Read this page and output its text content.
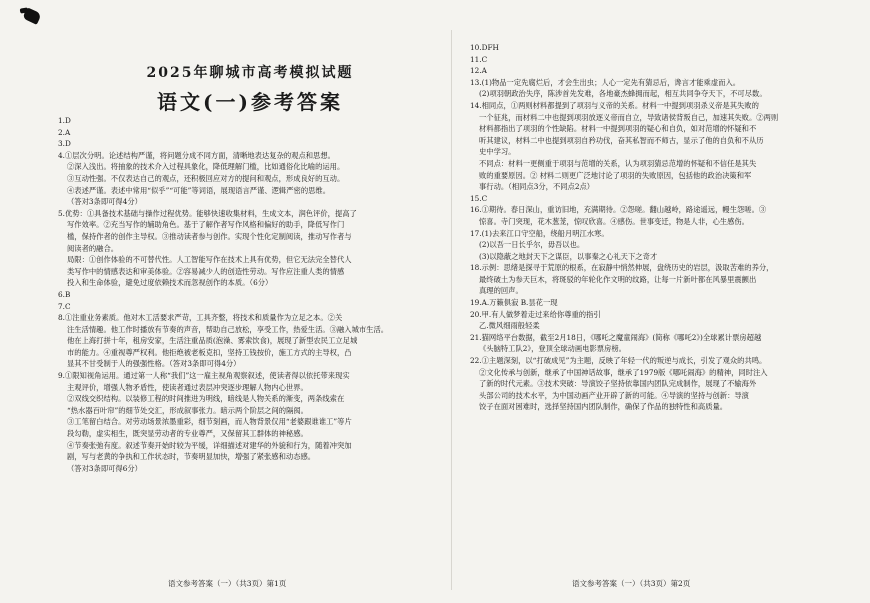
2025年聊城市高考模拟试题
语文(一)参考答案
1.D
2.A
3.D
4.①层次分明。论述结构严谨，将问题分成不同方面，清晰地表达复杂的观点和思想。
②深入浅出。将抽象的技术介入过程具象化，降低理解门槛，比如通俗化比喻的运用。
③互动性强。不仅表达自己的观点，还积极回应对方的提问和观点，形成良好的互动。
④表述严谨。表述中常用“似乎”“可能”等词语，展现语言严谨、逻辑严密的思维。
（答对3条即可得4分）
5.优势：①具备技术基础与操作过程优势。能够快速收集材料，生成文本，润色评价，提高了
写作效率。②充当写作的辅助角色。基于了解作者写作风格和偏好的助手，降低写作门
槛，保持作者的创作主导权。③推动读者参与创作。实现个性化定制阅读，推动写作者与
阅读者的融合。
局限：①创作体验的不可替代性。人工智能写作在技术上具有优势，但它无法完全替代人
类写作中的情感表达和审美体验。②容易减少人的创造性劳动。写作应注重人类的情感
投入和生命体验，避免过度依赖技术而忽视创作的本质。（6分）
6.B
7.C
8.①注重业务素质。他对木工活要求严苛，工具齐整，将技术和质量作为立足之本。②关
注生活情趣。他工作时播放有节奏的声音，帮助自己放松，享受工作，热爱生活。③融入城市生活。
他在上海打拼十年，租房安家，生活注重品质(泡澡、雾索饮食)，展现了新型农民工立足城
市的能力。④重视尊严权利。他拒绝被老板克扣，坚持工钱按价，施工方式的主导权，凸
显其不甘受制于人的强强性格。（答对3条即可得4分）
9.①限知视角运用。通过第一人称“我们”这一雇主视角观察叙述，使读者得以依托带来现实
主观评价，增强人物矛盾性，使读者通过表层冲突逐步理解人物内心世界。
②双线交织结构。以装修工程的时间推进为明线，暗线是人物关系的渐变，两条线索在
“热水器百叶帘”的细节处交汇，形成叙事张力。暗示两个阶层之间的隔阂。
③工笔留白结合。对劳动场景浓墨重彩，细节刻画，而人物背景仅用“老婆跟谁谁工”等片
段勾勒，虚实相生，既突显劳动者的专业尊严，又保留其工群体的神秘感。
④节奏张弛有度。叙述节奏开始时较为平缓，详细描述对建华的外貌和行为，随着冲突加
剧，写与老黄的争执和工作状态时，节奏明显加快，增强了紧张感和动态感。
（答对3条即可得6分）
10.DFH
11.C
12.A
13.(1)物品一定先腐烂后，才会生出虫；人心一定先有猜忌后，谗言才能乘虚而入。
(2)项羽朝政治失序，陈涉首先发难，各地豪杰蜂拥而起，相互共同争夺天下，不可尽数。
14.相同点，①两则材料都提到了项羽与义帝的关系。材料一中提到项羽杀义帝是其失败的
一个征兆，而材料二中也提到项羽放逐义帝而自立，导致诸侯背叛自己，加速其失败。②两则
材料都指出了项羽的个性缺陷。材料一中提到项羽的疑心和自负，如对范增的怀疑和不
听其建议，材料二中也提到项羽自矜功伐，奋其私智而不师古，显示了他的自负和不从历
史中学习。
不同点：材料一更侧重于项羽与范增的关系，认为项羽猜忌范增的怀疑和不信任是其失
败的重要原因。② 材料二则更广泛地讨论了项羽的失败原因，包括他的政治决策和军
事行动。（相同点3分，不同点2点）
15.C
16.①期待。春日深山，重访旧地，充满期待。②怨嗟。翻山越岭，路途遥远，幔生怨嗟。③
惊喜。寺门突现，花木葱茏，惊叹欣喜。④感伤。世事变迁，物是人非，心生感伤。
17.(1)去来江口守空船，绕船月明江水寒。
(2)以吾一日长乎尔，毋吾以也。
(3)以隐蔽之地封天下之谋臣，以事秦之心礼天下之奇才
18.示例：思绪是探寻于荒原的根系，在寂静中悄然伸展，盘绕历史的岩层，汲取苦难的养分，
最终破土为参天巨木，将斑驳的年轮化作文明的纹路，让每一片新叶都在风暴里震颤出
真理的回声。
19.A.万籁俱寂 B.昙花一现
20.甲.有人做梦着走过来给你尊重的指引
乙.微风细雨般轻柔
21.猫网络平台数据，截至2月18日，《哪吒之魔童闹海》(简称《哪吒2》)全球累计票房超越
《头脑特工队2》，登顶全球动画电影票房榜。
22.①主题深刻，以“打破成见”为主题，反映了年轻一代的叛逆与成长，引发了观众的共鸣。
②文化传承与创新，继承了中国神话故事，继承了1979版《哪吒闹海》的精神，同时注入
了新的时代元素。③技术突破：导演饺子坚持依靠国内团队完成制作，展现了不输海外
头部公司的技术水平，为中国动画产业开辟了新的可能。④导演的坚持与创新：导演
饺子在面对困难时，选择坚持国内团队制作，确保了作品的独特性和高质量。
语文参考答案（一）（共3页）第1页	语文参考答案（一）（共3页）第2页
